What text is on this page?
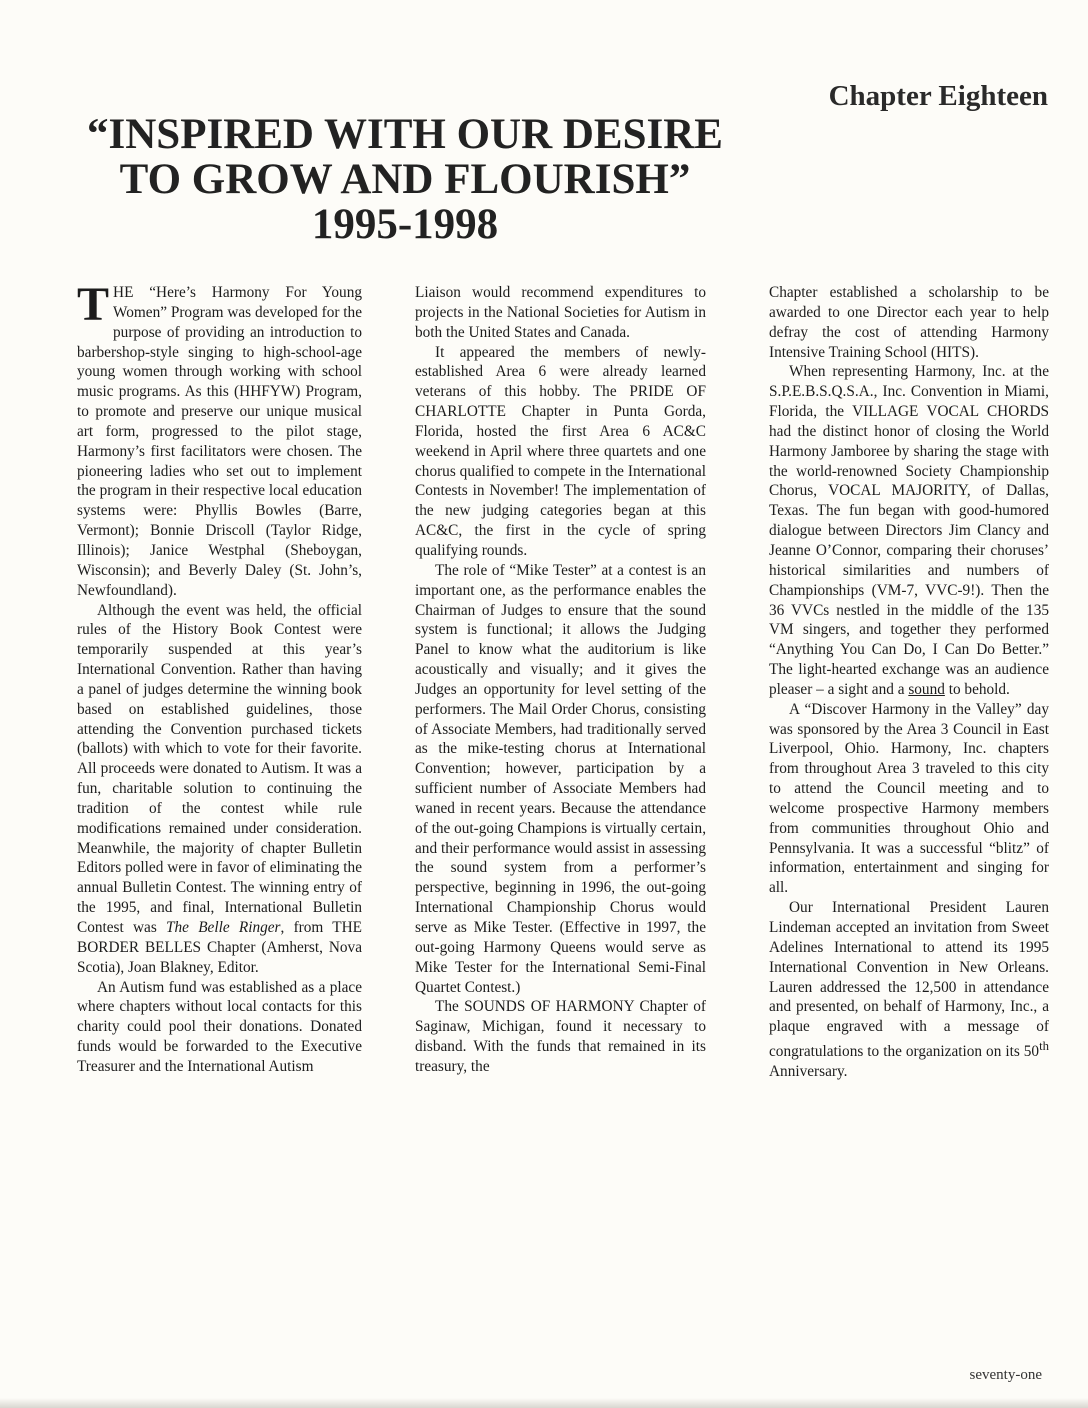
Chapter Eighteen
“INSPIRED WITH OUR DESIRE
TO GROW AND FLOURISH”
1995-1998

THE “Here’s Harmony For Young Women” Program was developed for the purpose of providing an introduction to barbershop-style singing to high-school-age young women through working with school music programs. As this (HHFYW) Program, to promote and preserve our unique musical art form, progressed to the pilot stage, Harmony’s first facilitators were chosen. The pioneering ladies who set out to implement the program in their respective local education systems were: Phyllis Bowles (Barre, Vermont); Bonnie Driscoll (Taylor Ridge, Illinois); Janice Westphal (Sheboygan, Wisconsin); and Beverly Daley (St. John’s, Newfoundland).

Although the event was held, the official rules of the History Book Contest were temporarily suspended at this year’s International Convention. Rather than having a panel of judges determine the winning book based on established guidelines, those attending the Convention purchased tickets (ballots) with which to vote for their favorite. All proceeds were donated to Autism. It was a fun, charitable solution to continuing the tradition of the contest while rule modifications remained under consideration. Meanwhile, the majority of chapter Bulletin Editors polled were in favor of eliminating the annual Bulletin Contest. The winning entry of the 1995, and final, International Bulletin Contest was The Belle Ringer, from THE BORDER BELLES Chapter (Amherst, Nova Scotia), Joan Blakney, Editor.

An Autism fund was established as a place where chapters without local contacts for this charity could pool their donations. Donated funds would be forwarded to the Executive Treasurer and the International Autism

Liaison would recommend expenditures to projects in the National Societies for Autism in both the United States and Canada.

It appeared the members of newly-established Area 6 were already learned veterans of this hobby. The PRIDE OF CHARLOTTE Chapter in Punta Gorda, Florida, hosted the first Area 6 AC&C weekend in April where three quartets and one chorus qualified to compete in the International Contests in November! The implementation of the new judging categories began at this AC&C, the first in the cycle of spring qualifying rounds.

The role of “Mike Tester” at a contest is an important one, as the performance enables the Chairman of Judges to ensure that the sound system is functional; it allows the Judging Panel to know what the auditorium is like acoustically and visually; and it gives the Judges an opportunity for level setting of the performers. The Mail Order Chorus, consisting of Associate Members, had traditionally served as the mike-testing chorus at International Convention; however, participation by a sufficient number of Associate Members had waned in recent years. Because the attendance of the out-going Champions is virtually certain, and their performance would assist in assessing the sound system from a performer’s perspective, beginning in 1996, the out-going International Championship Chorus would serve as Mike Tester. (Effective in 1997, the out-going Harmony Queens would serve as Mike Tester for the International Semi-Final Quartet Contest.)

The SOUNDS OF HARMONY Chapter of Saginaw, Michigan, found it necessary to disband. With the funds that remained in its treasury, the

Chapter established a scholarship to be awarded to one Director each year to help defray the cost of attending Harmony Intensive Training School (HITS).

When representing Harmony, Inc. at the S.P.E.B.S.Q.S.A., Inc. Convention in Miami, Florida, the VILLAGE VOCAL CHORDS had the distinct honor of closing the World Harmony Jamboree by sharing the stage with the world-renowned Society Championship Chorus, VOCAL MAJORITY, of Dallas, Texas. The fun began with good-humored dialogue between Directors Jim Clancy and Jeanne O’Connor, comparing their choruses’ historical similarities and numbers of Championships (VM-7, VVC-9!). Then the 36 VVCs nestled in the middle of the 135 VM singers, and together they performed “Anything You Can Do, I Can Do Better.” The light-hearted exchange was an audience pleaser – a sight and a sound to behold.

A “Discover Harmony in the Valley” day was sponsored by the Area 3 Council in East Liverpool, Ohio. Harmony, Inc. chapters from throughout Area 3 traveled to this city to attend the Council meeting and to welcome prospective Harmony members from communities throughout Ohio and Pennsylvania. It was a successful “blitz” of information, entertainment and singing for all.

Our International President Lauren Lindeman accepted an invitation from Sweet Adelines International to attend its 1995 International Convention in New Orleans. Lauren addressed the 12,500 in attendance and presented, on behalf of Harmony, Inc., a plaque engraved with a message of congratulations to the organization on its 50th Anniversary.

seventy-one
